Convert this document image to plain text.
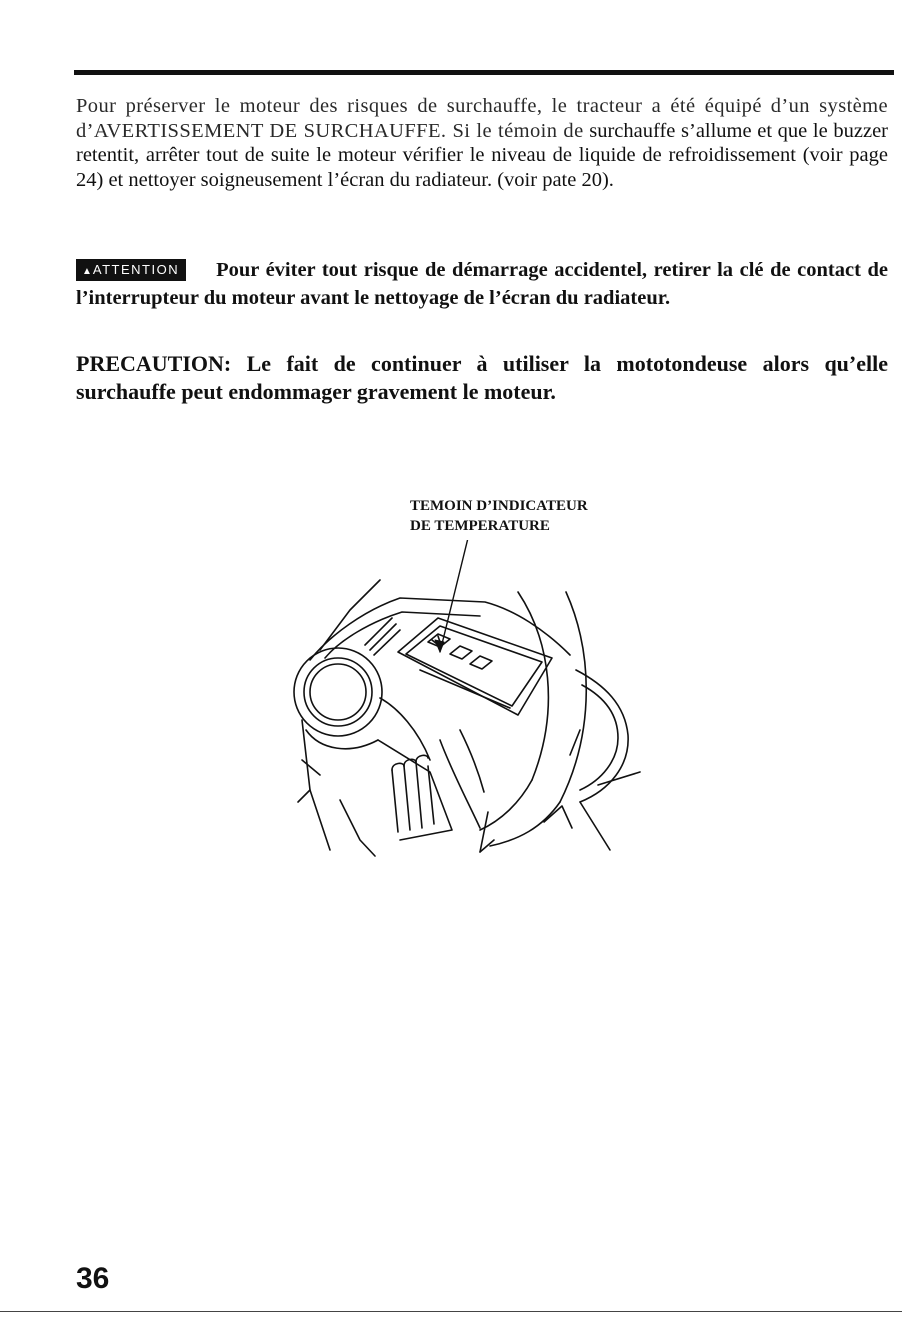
Pour préserver le moteur des risques de surchauffe, le tracteur a été équipé d’un système d’AVERTISSEMENT DE SURCHAUFFE. Si le témoin de surchauffe s’allume et que le buzzer retentit, arrêter tout de suite le moteur vérifier le niveau de liquide de refroidissement (voir page 24) et nettoyer soigneusement l’écran du radiateur. (voir pate 20).

▲ATTENTION Pour éviter tout risque de démarrage accidentel, retirer la clé de contact de l’interrupteur du moteur avant le nettoyage de l’écran du radiateur.

PRECAUTION: Le fait de continuer à utiliser la mototondeuse alors qu’elle surchauffe peut endommager gravement le moteur.

TEMOIN D’INDICATEUR
DE TEMPERATURE

36
